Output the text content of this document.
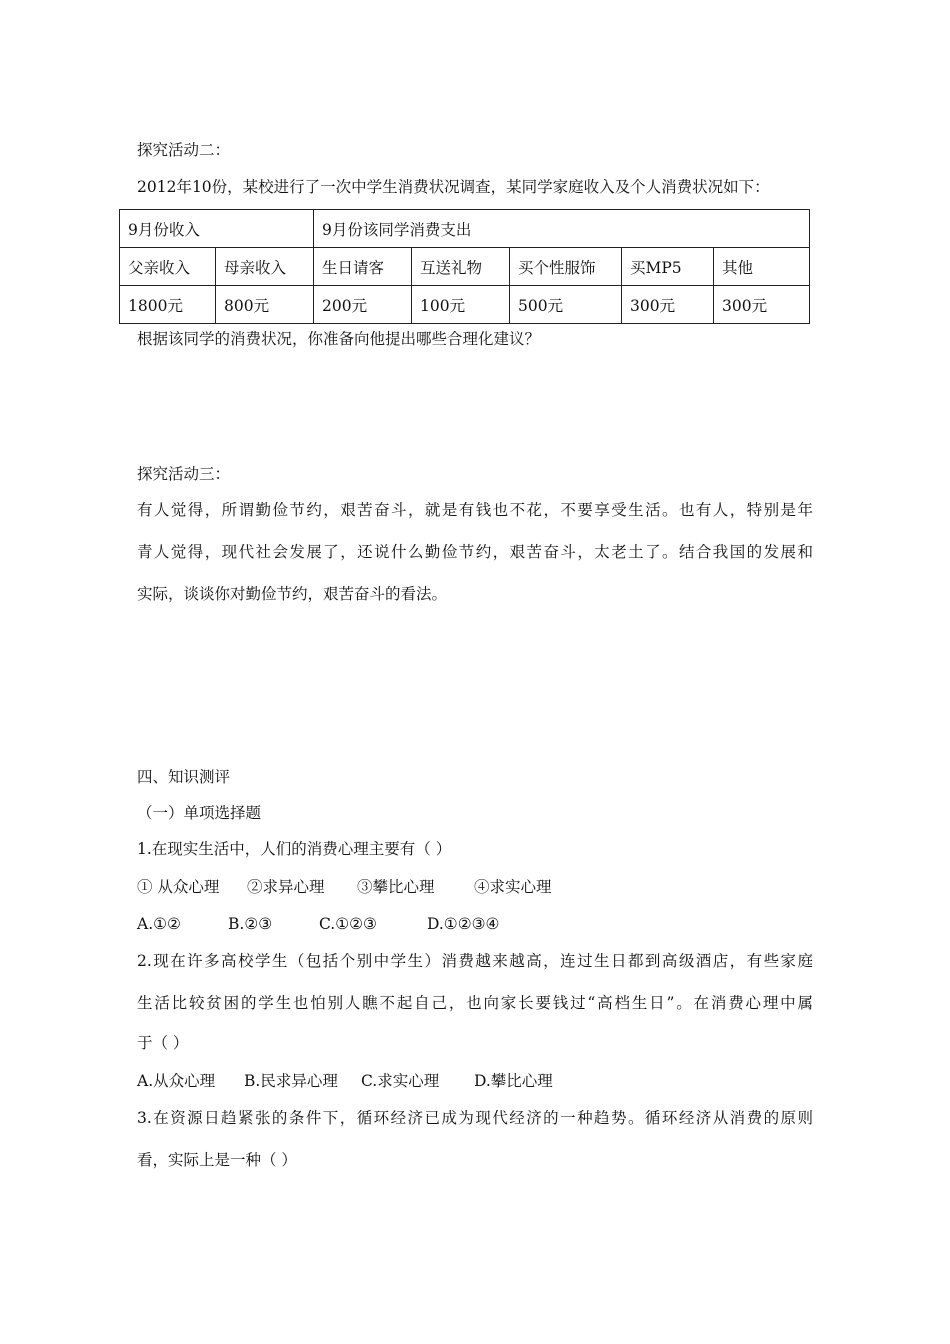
探究活动二：
2012年10份，某校进行了一次中学生消费状况调查，某同学家庭收入及个人消费状况如下：
9月份收入		9月份该同学消费支出				
父亲收入	母亲收入	生日请客	互送礼物	买个性服饰	买MP5	其他
1800元	800元	200元	100元	500元	300元	300元
根据该同学的消费状况，你准备向他提出哪些合理化建议？
探究活动三：
有人觉得，所谓勤俭节约，艰苦奋斗，就是有钱也不花，不要享受生活。也有人，特别是年
青人觉得，现代社会发展了，还说什么勤俭节约，艰苦奋斗，太老土了。结合我国的发展和
实际，谈谈你对勤俭节约，艰苦奋斗的看法。
四、知识测评
（一）单项选择题
1.在现实生活中，人们的消费心理主要有（ ）
① 从众心理 ②求异心理 ③攀比心理	④求实心理
A.①②	B.②③	C.①②③	D.①②③④
2.现在许多高校学生（包括个别中学生）消费越来越高，连过生日都到高级酒店，有些家庭
生活比较贫困的学生也怕别人瞧不起自己，也向家长要钱过“高档生日”。在消费心理中属
于（ ）
A.从众心理 B.民求异心理 C.求实心理 D.攀比心理
3.在资源日趋紧张的条件下，循环经济已成为现代经济的一种趋势。循环经济从消费的原则
看，实际上是一种（ ）
